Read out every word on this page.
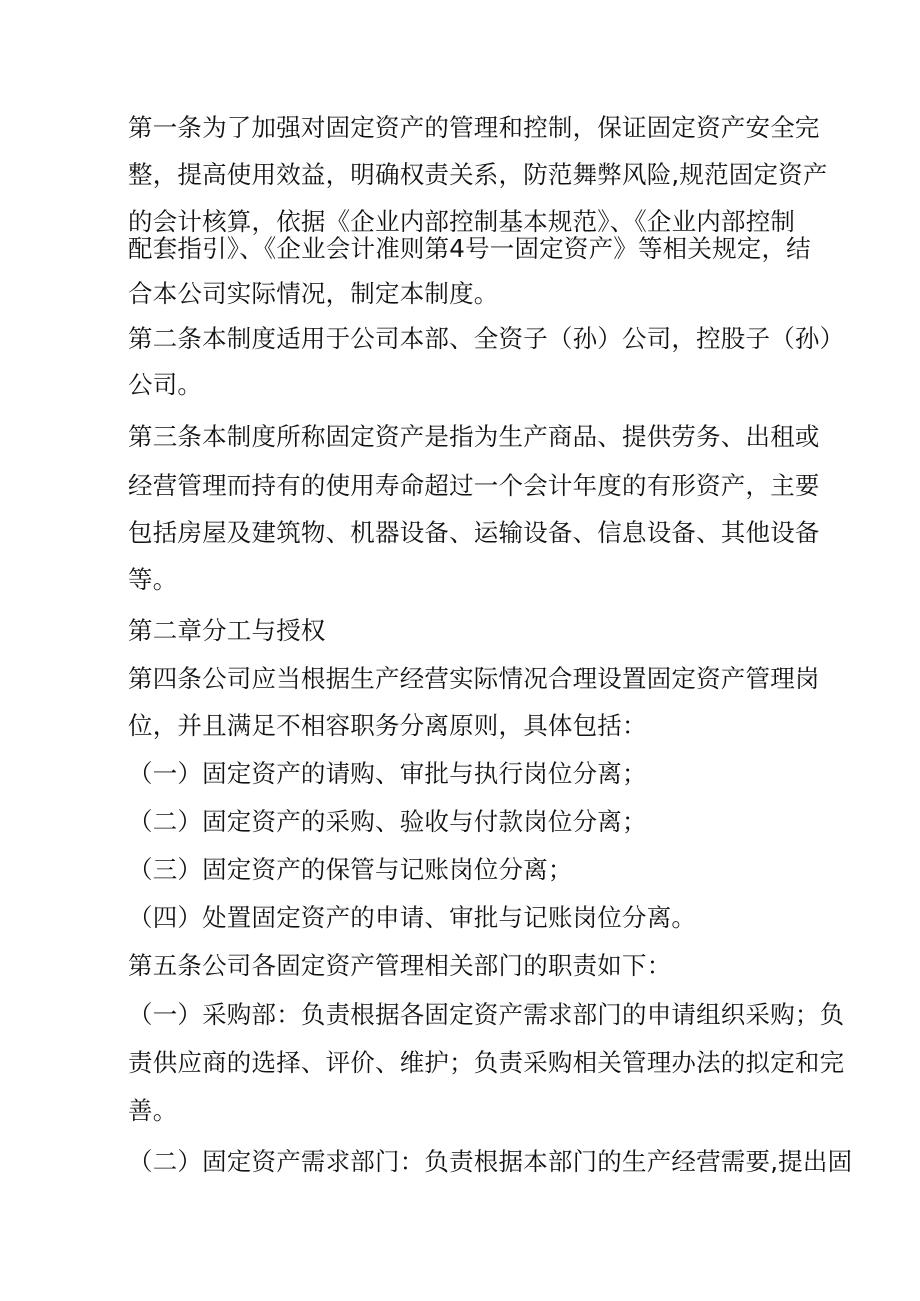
第一条为了加强对固定资产的管理和控制，保证固定资产安全完
整，提高使用效益，明确权责关系，防范舞弊风险,规范固定资产
的会计核算，依据《企业内部控制基本规范》、《企业内部控制
配套指引》、《企业会计准则第4号一固定资产》等相关规定，结
合本公司实际情况，制定本制度。
第二条本制度适用于公司本部、全资子（孙）公司，控股子（孙）
公司。
第三条本制度所称固定资产是指为生产商品、提供劳务、出租或
经营管理而持有的使用寿命超过一个会计年度的有形资产，主要
包括房屋及建筑物、机器设备、运输设备、信息设备、其他设备
等。
第二章分工与授权
第四条公司应当根据生产经营实际情况合理设置固定资产管理岗
位，并且满足不相容职务分离原则，具体包括：
（一）固定资产的请购、审批与执行岗位分离；
（二）固定资产的采购、验收与付款岗位分离；
（三）固定资产的保管与记账岗位分离；
（四）处置固定资产的申请、审批与记账岗位分离。
第五条公司各固定资产管理相关部门的职责如下：
（一）采购部：负责根据各固定资产需求部门的申请组织采购；负
责供应商的选择、评价、维护；负责采购相关管理办法的拟定和完
善。
（二）固定资产需求部门：负责根据本部门的生产经营需要,提出固
